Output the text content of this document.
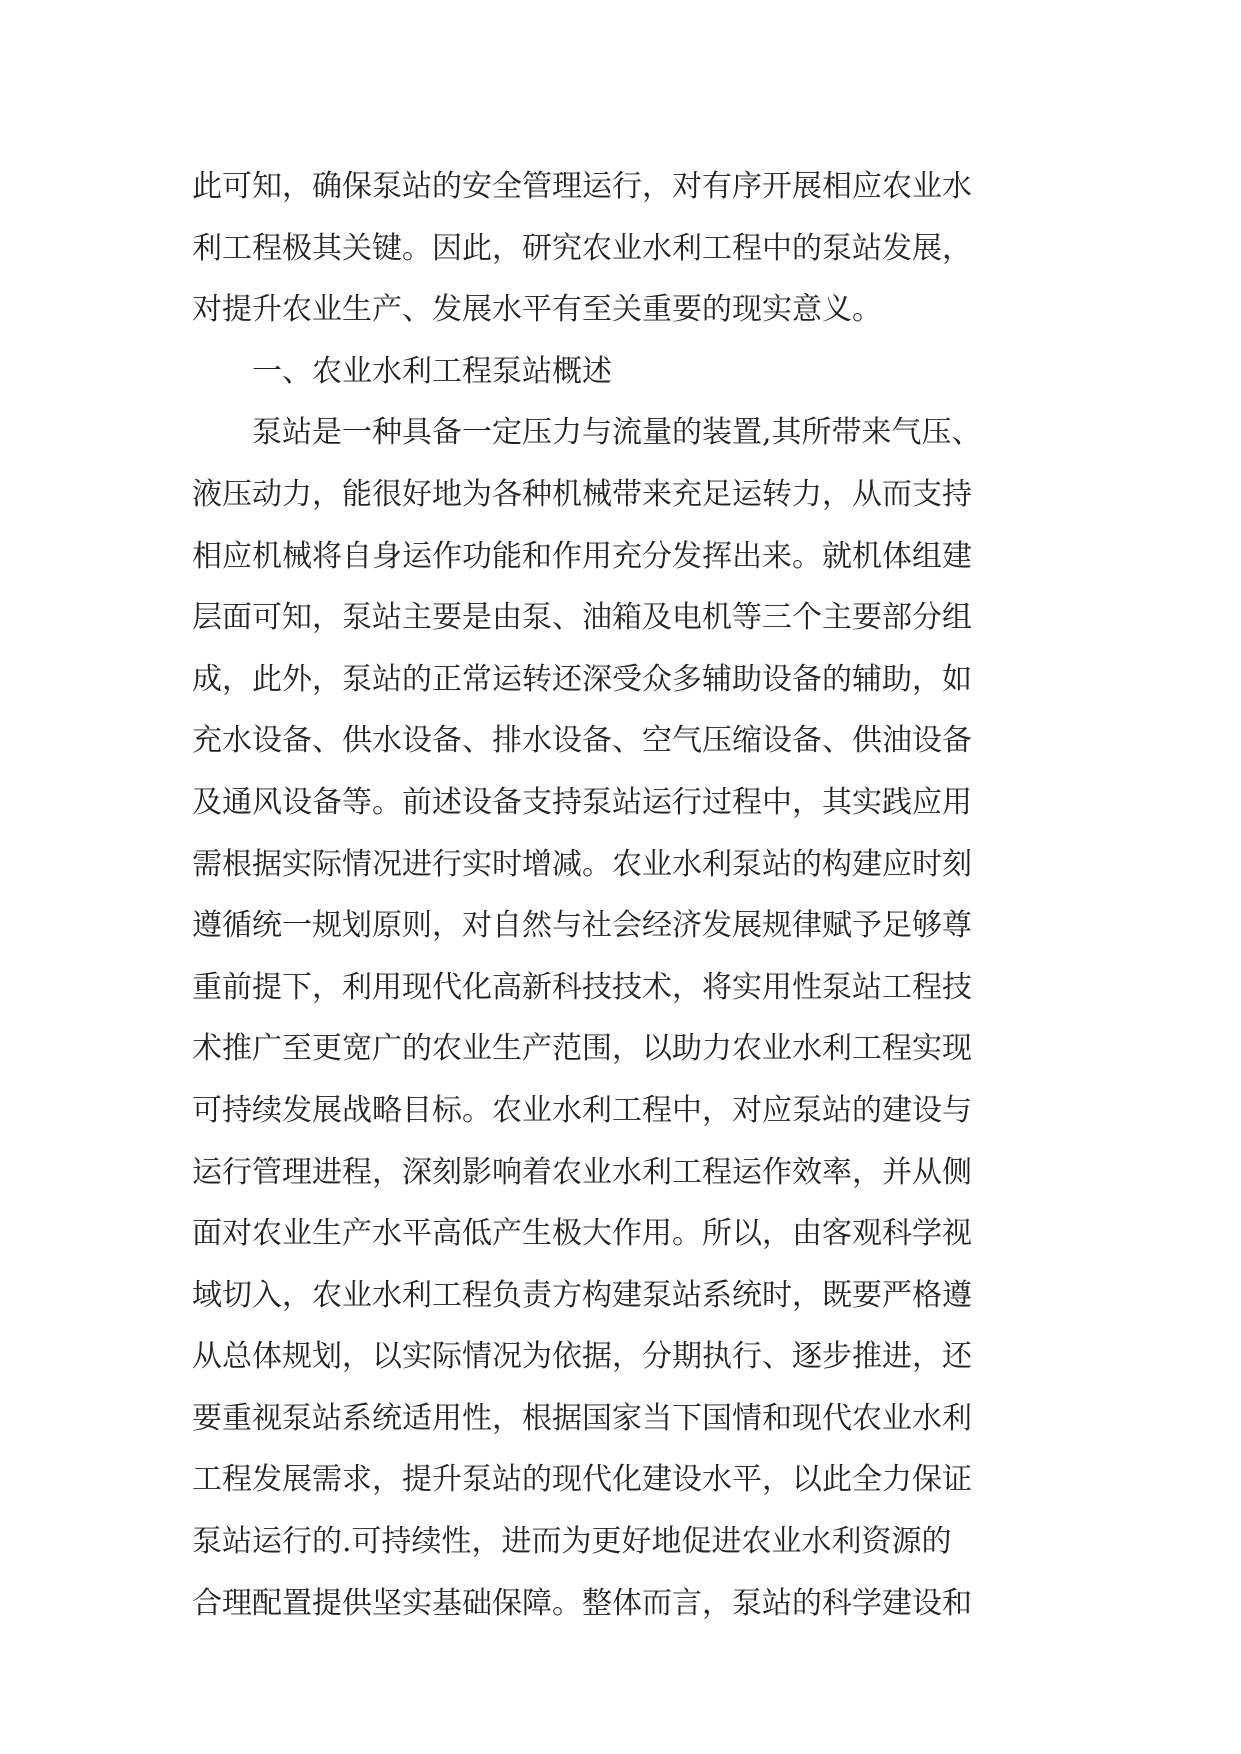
此可知，确保泵站的安全管理运行，对有序开展相应农业水
利工程极其关键。因此，研究农业水利工程中的泵站发展，
对提升农业生产、发展水平有至关重要的现实意义。
一、农业水利工程泵站概述
泵站是一种具备一定压力与流量的装置,其所带来气压、
液压动力，能很好地为各种机械带来充足运转力，从而支持
相应机械将自身运作功能和作用充分发挥出来。就机体组建
层面可知，泵站主要是由泵、油箱及电机等三个主要部分组
成，此外，泵站的正常运转还深受众多辅助设备的辅助，如
充水设备、供水设备、排水设备、空气压缩设备、供油设备
及通风设备等。前述设备支持泵站运行过程中，其实践应用
需根据实际情况进行实时增减。农业水利泵站的构建应时刻
遵循统一规划原则，对自然与社会经济发展规律赋予足够尊
重前提下，利用现代化高新科技技术，将实用性泵站工程技
术推广至更宽广的农业生产范围，以助力农业水利工程实现
可持续发展战略目标。农业水利工程中，对应泵站的建设与
运行管理进程，深刻影响着农业水利工程运作效率，并从侧
面对农业生产水平高低产生极大作用。所以，由客观科学视
域切入，农业水利工程负责方构建泵站系统时，既要严格遵
从总体规划，以实际情况为依据，分期执行、逐步推进，还
要重视泵站系统适用性，根据国家当下国情和现代农业水利
工程发展需求，提升泵站的现代化建设水平，以此全力保证
泵站运行的.可持续性，进而为更好地促进农业水利资源的
合理配置提供坚实基础保障。整体而言，泵站的科学建设和
